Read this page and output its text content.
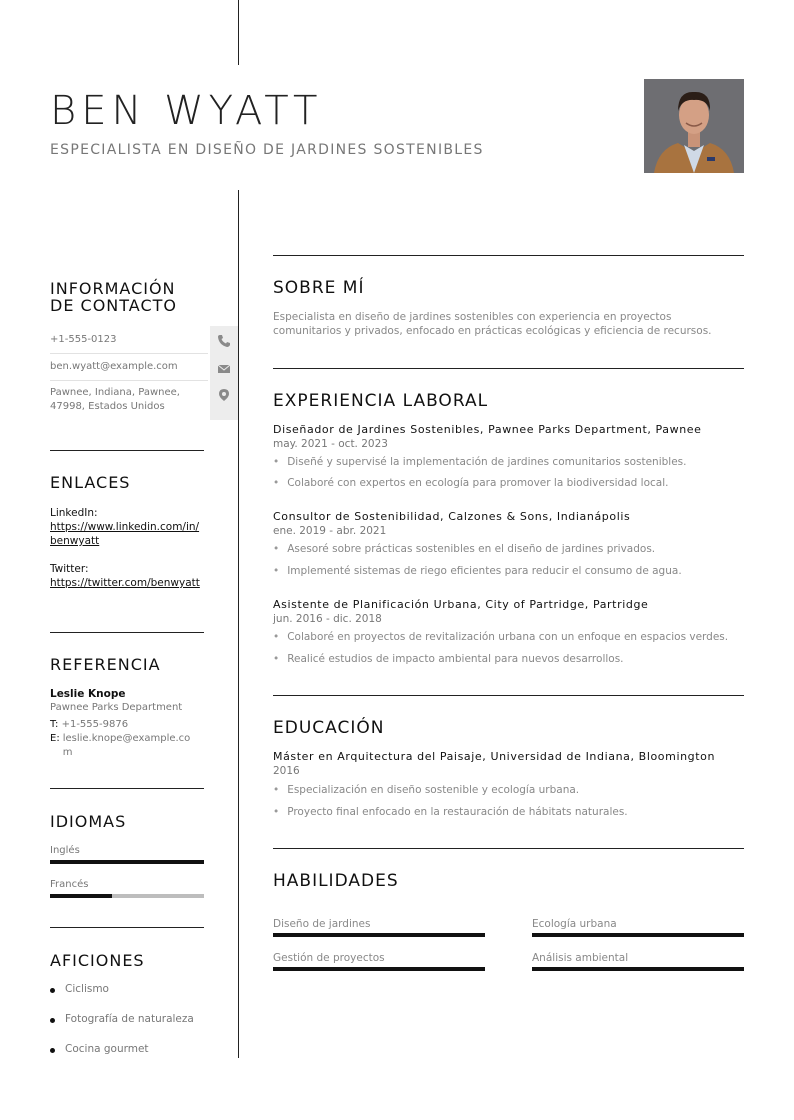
BEN WYATT
ESPECIALISTA EN DISEÑO DE JARDINES SOSTENIBLES

INFORMACIÓN

DE CONTACTO

+1-555-0123
ben.wyatt@example.com
Pawnee, Indiana, Pawnee, 47998, Estados Unidos

ENLACES

LinkedIn:
https://www.linkedin.com/in/benwyatt
Twitter:
https://twitter.com/benwyatt

REFERENCIA

Leslie Knope
Pawnee Parks Department
T: +1-555-9876
E: leslie.knope@example.com

IDIOMAS

Inglés
Francés

AFICIONES

Ciclismo
Fotografía de naturaleza
Cocina gourmet
SOBRE MÍ
Especialista en diseño de jardines sostenibles con experiencia en proyectos comunitarios y privados, enfocado en prácticas ecológicas y eficiencia de recursos.
EXPERIENCIA LABORAL
Diseñador de Jardines Sostenibles, Pawnee Parks Department, Pawnee
may. 2021 - oct. 2023
• Diseñé y supervisé la implementación de jardines comunitarios sostenibles.
• Colaboré con expertos en ecología para promover la biodiversidad local.
Consultor de Sostenibilidad, Calzones & Sons, Indianápolis
ene. 2019 - abr. 2021
• Asesoré sobre prácticas sostenibles en el diseño de jardines privados.
• Implementé sistemas de riego eficientes para reducir el consumo de agua.
Asistente de Planificación Urbana, City of Partridge, Partridge
jun. 2016 - dic. 2018
• Colaboré en proyectos de revitalización urbana con un enfoque en espacios verdes.
• Realicé estudios de impacto ambiental para nuevos desarrollos.
EDUCACIÓN
Máster en Arquitectura del Paisaje, Universidad de Indiana, Bloomington
2016
• Especialización en diseño sostenible y ecología urbana.
• Proyecto final enfocado en la restauración de hábitats naturales.
HABILIDADES
Diseño de jardines	Ecología urbana
Gestión de proyectos	Análisis ambiental
